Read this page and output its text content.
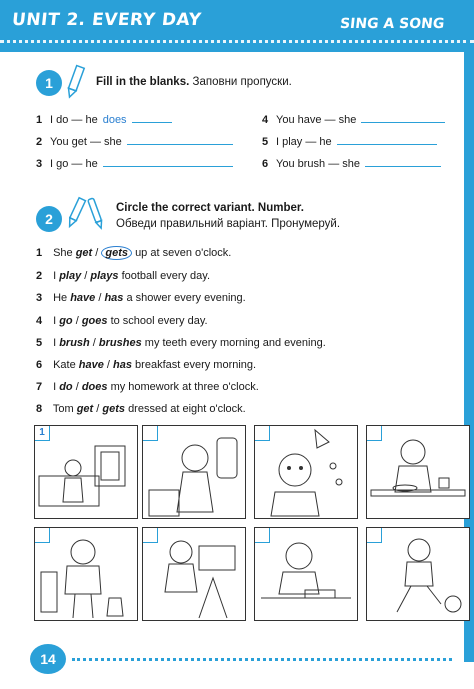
UNIT 2. EVERY DAY	SING A SONG
1	Fill in the blanks. Заповни пропуски.
1 I do — he does
2 You get — she
3 I go — he
4 You have — she
5 I play — he
6 You brush — she
2
Circle the correct variant. Number.
Обведи правильний варіант. Пронумеруй.
1 She get / gets up at seven o'clock.
2 I play / plays football every day.
3 He have / has a shower every evening.
4 I go / goes to school every day.
5 I brush / brushes my teeth every morning and evening.
6 Kate have / has breakfast every morning.
7 I do / does my homework at three o'clock.
8 Tom get / gets dressed at eight o'clock.
1
14
